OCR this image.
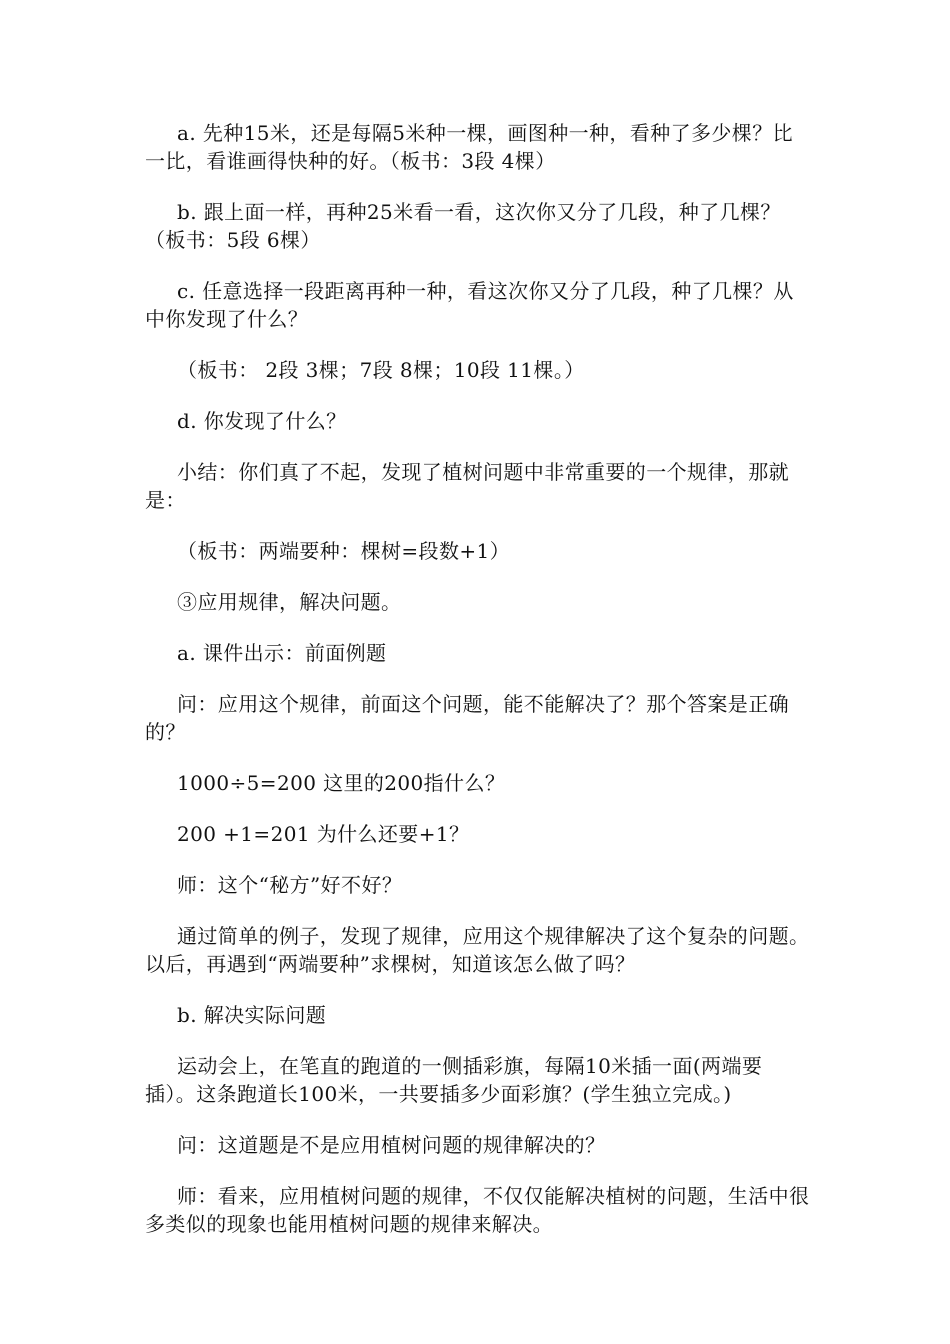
a. 先种15米，还是每隔5米种一棵，画图种一种，看种了多少棵？比一比，看谁画得快种的好。（板书：3段 4棵）

b. 跟上面一样，再种25米看一看，这次你又分了几段，种了几棵？（板书：5段 6棵）

c. 任意选择一段距离再种一种，看这次你又分了几段，种了几棵？从中你发现了什么？

（板书： 2段 3棵；7段 8棵；10段 11棵。）

d. 你发现了什么？

小结：你们真了不起，发现了植树问题中非常重要的一个规律，那就是：

（板书：两端要种：棵树=段数+1）

③应用规律，解决问题。

a. 课件出示：前面例题

问：应用这个规律，前面这个问题，能不能解决了？那个答案是正确的？

1000÷5=200 这里的200指什么？

200 +1=201 为什么还要+1？

师：这个“秘方”好不好？

通过简单的例子，发现了规律，应用这个规律解决了这个复杂的问题。以后，再遇到“两端要种”求棵树，知道该怎么做了吗？

b. 解决实际问题

运动会上，在笔直的跑道的一侧插彩旗，每隔10米插一面(两端要插）。这条跑道长100米，一共要插多少面彩旗？(学生独立完成。)

问：这道题是不是应用植树问题的规律解决的？

师：看来，应用植树问题的规律，不仅仅能解决植树的问题，生活中很多类似的现象也能用植树问题的规律来解决。
